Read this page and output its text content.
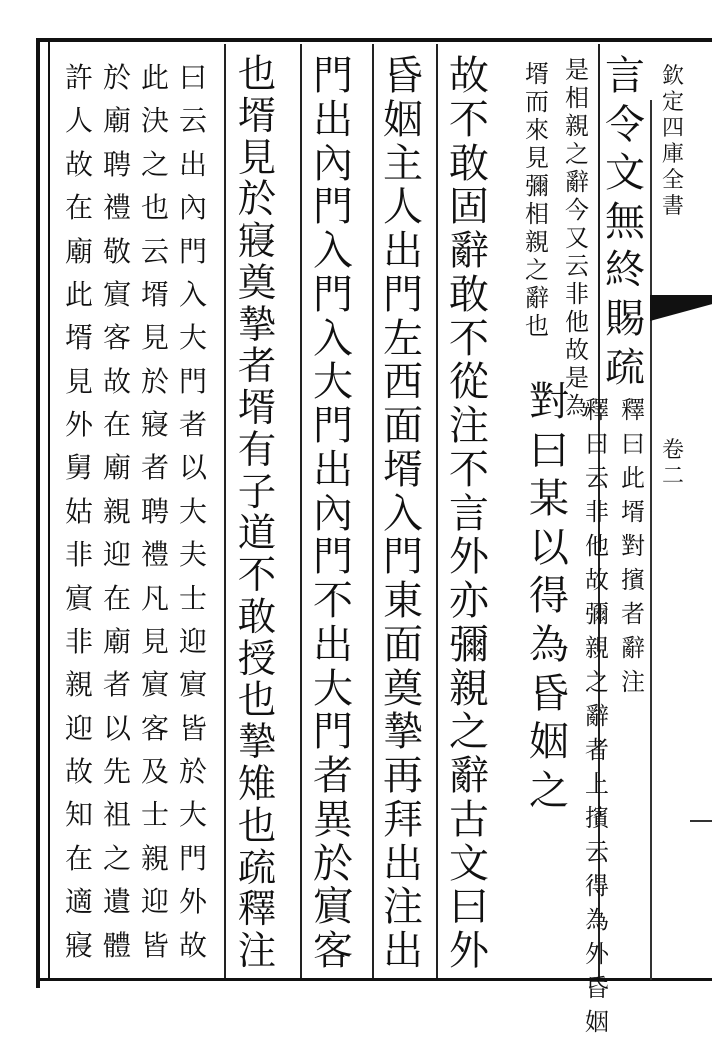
欽
定
四
庫
全
書
卷
二
言
令
文
無
終
賜
疏
釋
曰
此
壻
對
擯
者
辭
注
是
相
親
之
辭
今
又
云
非
他
故
是
為
對
曰
某
以
得
為
昏
姻
之
故
不
敢
固
辭
敢
不
從
注
不
言
外
亦
彌
親
之
辭
古
文
曰
外
昏
姻
主
人
出
門
左
西
面
壻
入
門
東
面
奠
摯
再
拜
出
注
出
門
出
內
門
入
門
入
大
門
出
內
門
不
出
大
門
者
異
於
賔
客
也
壻
見
於
寢
奠
摯
者
壻
有
子
道
不
敢
授
也
摯
雉
也
疏
釋
注
曰
云
出
內
門
入
大
門
者
以
大
夫
士
迎
賔
皆
於
大
門
外
故
此
決
之
也
云
壻
見
於
寢
者
聘
禮
凡
見
賔
客
及
士
親
迎
皆
於
廟
聘
禮
敬
賔
客
故
在
廟
親
迎
在
廟
者
以
先
祖
之
遺
體
許
人
故
在
廟
此
壻
見
外
舅
姑
非
賔
非
親
迎
故
知
在
適
寢
釋
曰
云
非
他
故
彌
親
之
辭
者
上
擯
云
得
為
外
昏
姻
壻
而
來
見
彌
相
親
之
辭
也
